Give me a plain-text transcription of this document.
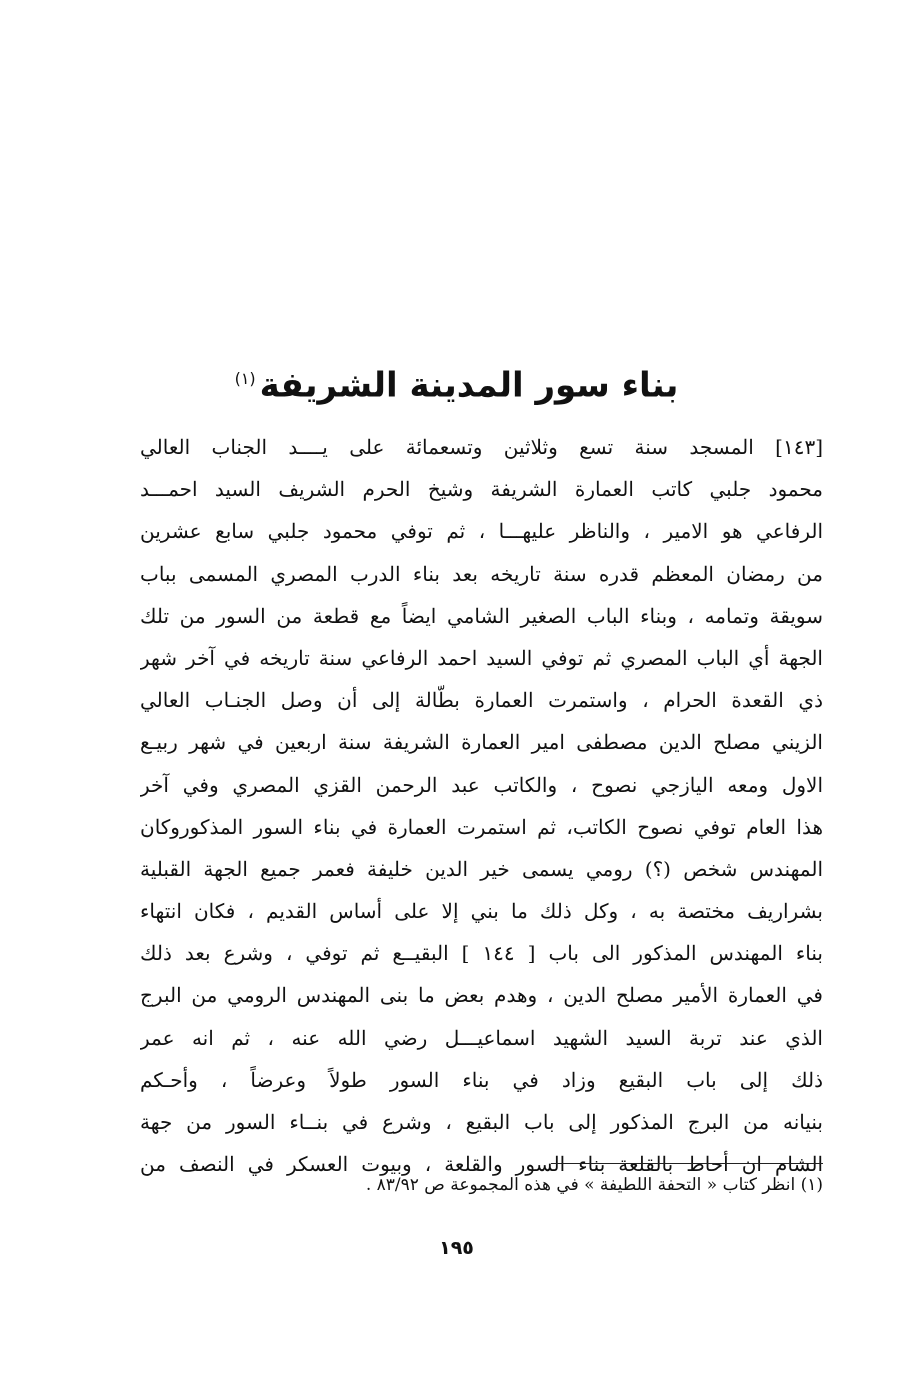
بناء سور المدينة الشريفة$^{(١)}$
[١٤٣] المسجد سنة تسع وثلاثين وتسعمائة على يــــد الجناب العالي
محمود جلبي كاتب العمارة الشريفة وشيخ الحرم الشريف السيد احمـــد
الرفاعي هو الامير ، والناظر عليهـــا ، ثم توفي محمود جلبي سابع عشرين
من رمضان المعظم قدره سنة تاريخه بعد بناء الدرب المصري المسمى بباب
سويقة وتمامه ، وبناء الباب الصغير الشامي ايضاً مع قطعة من السور من تلك
الجهة أي الباب المصري ثم توفي السيد احمد الرفاعي سنة تاريخه في آخر شهر
ذي القعدة الحرام ، واستمرت العمارة بطّالة إلى أن وصل الجنـاب العالي
الزيني مصلح الدين مصطفى امير العمارة الشريفة سنة اربعين في شهر ربيـع
الاول ومعه اليازجي نصوح ، والكاتب عبد الرحمن القزي المصري وفي آخر
هذا العام توفي نصوح الكاتب، ثم استمرت العمارة في بناء السور المذكوروكان
المهندس شخص (؟) رومي يسمى خير الدين خليفة فعمر جميع الجهة القبلية
بشراريف مختصة به ، وكل ذلك ما بني إلا على أساس القديم ، فكان انتهاء
بناء المهندس المذكور الى باب [ ١٤٤ ] البقيــع ثم توفي ، وشرع بعد ذلك
في العمارة الأمير مصلح الدين ، وهدم بعض ما بنى المهندس الرومي من البرج
الذي عند تربة السيد الشهيد اسماعيـــل رضي الله عنه ، ثم انه عمر
ذلك إلى باب البقيع وزاد في بناء السور طولاً وعرضاً ، وأحـكم
بنيانه من البرج المذكور إلى باب البقيع ، وشرع في بنــاء السور من جهة
الشام ان أحاط بالقلعة بناء السور والقلعة ، وبيوت العسكر في النصف من
(١) انظر كتاب « التحفة اللطيفة » في هذه المجموعة ص ٨٣/٩٢ .
١٩٥
